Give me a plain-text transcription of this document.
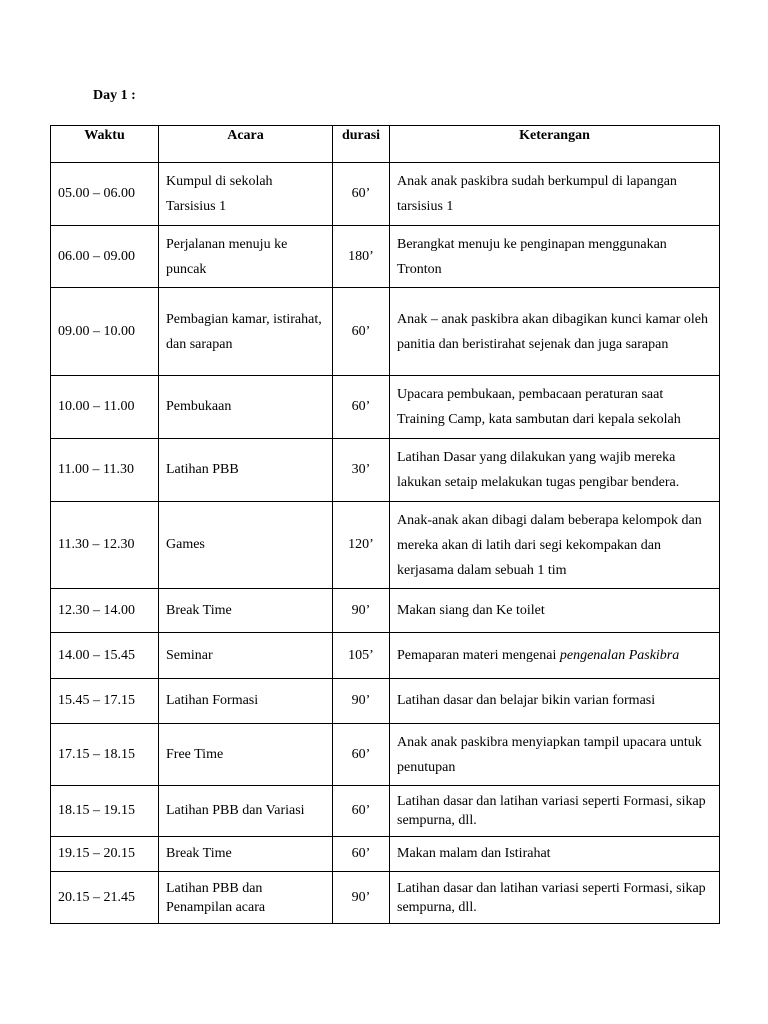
Day 1 :
Waktu	Acara	durasi	Keterangan
05.00 – 06.00	Kumpul di sekolah Tarsisius 1	60’	Anak anak paskibra sudah berkumpul di lapangan tarsisius 1
06.00 – 09.00	Perjalanan menuju ke puncak	180’	Berangkat menuju ke penginapan menggunakan Tronton
09.00 – 10.00	Pembagian kamar, istirahat, dan sarapan	60’	Anak – anak paskibra akan dibagikan kunci kamar oleh panitia dan beristirahat sejenak dan juga sarapan
10.00 – 11.00	Pembukaan	60’	Upacara pembukaan, pembacaan peraturan saat Training Camp, kata sambutan dari kepala sekolah
11.00 – 11.30	Latihan PBB	30’	Latihan Dasar yang dilakukan yang wajib mereka lakukan setaip melakukan tugas pengibar bendera.
11.30 – 12.30	Games	120’	Anak-anak akan dibagi dalam beberapa kelompok dan mereka akan di latih dari segi kekompakan dan kerjasama dalam sebuah 1 tim
12.30 – 14.00	Break Time	90’	Makan siang dan Ke toilet
14.00 – 15.45	Seminar	105’	Pemaparan materi mengenai pengenalan Paskibra
15.45 – 17.15	Latihan Formasi	90’	Latihan dasar dan belajar bikin varian formasi
17.15 – 18.15	Free Time	60’	Anak anak paskibra menyiapkan tampil upacara untuk penutupan
18.15 – 19.15	Latihan PBB dan Variasi	60’	Latihan dasar dan latihan variasi seperti Formasi, sikap sempurna, dll.
19.15 – 20.15	Break Time	60’	Makan malam dan Istirahat
20.15 – 21.45	Latihan PBB dan Penampilan acara	90’	Latihan dasar dan latihan variasi seperti Formasi, sikap sempurna, dll.
